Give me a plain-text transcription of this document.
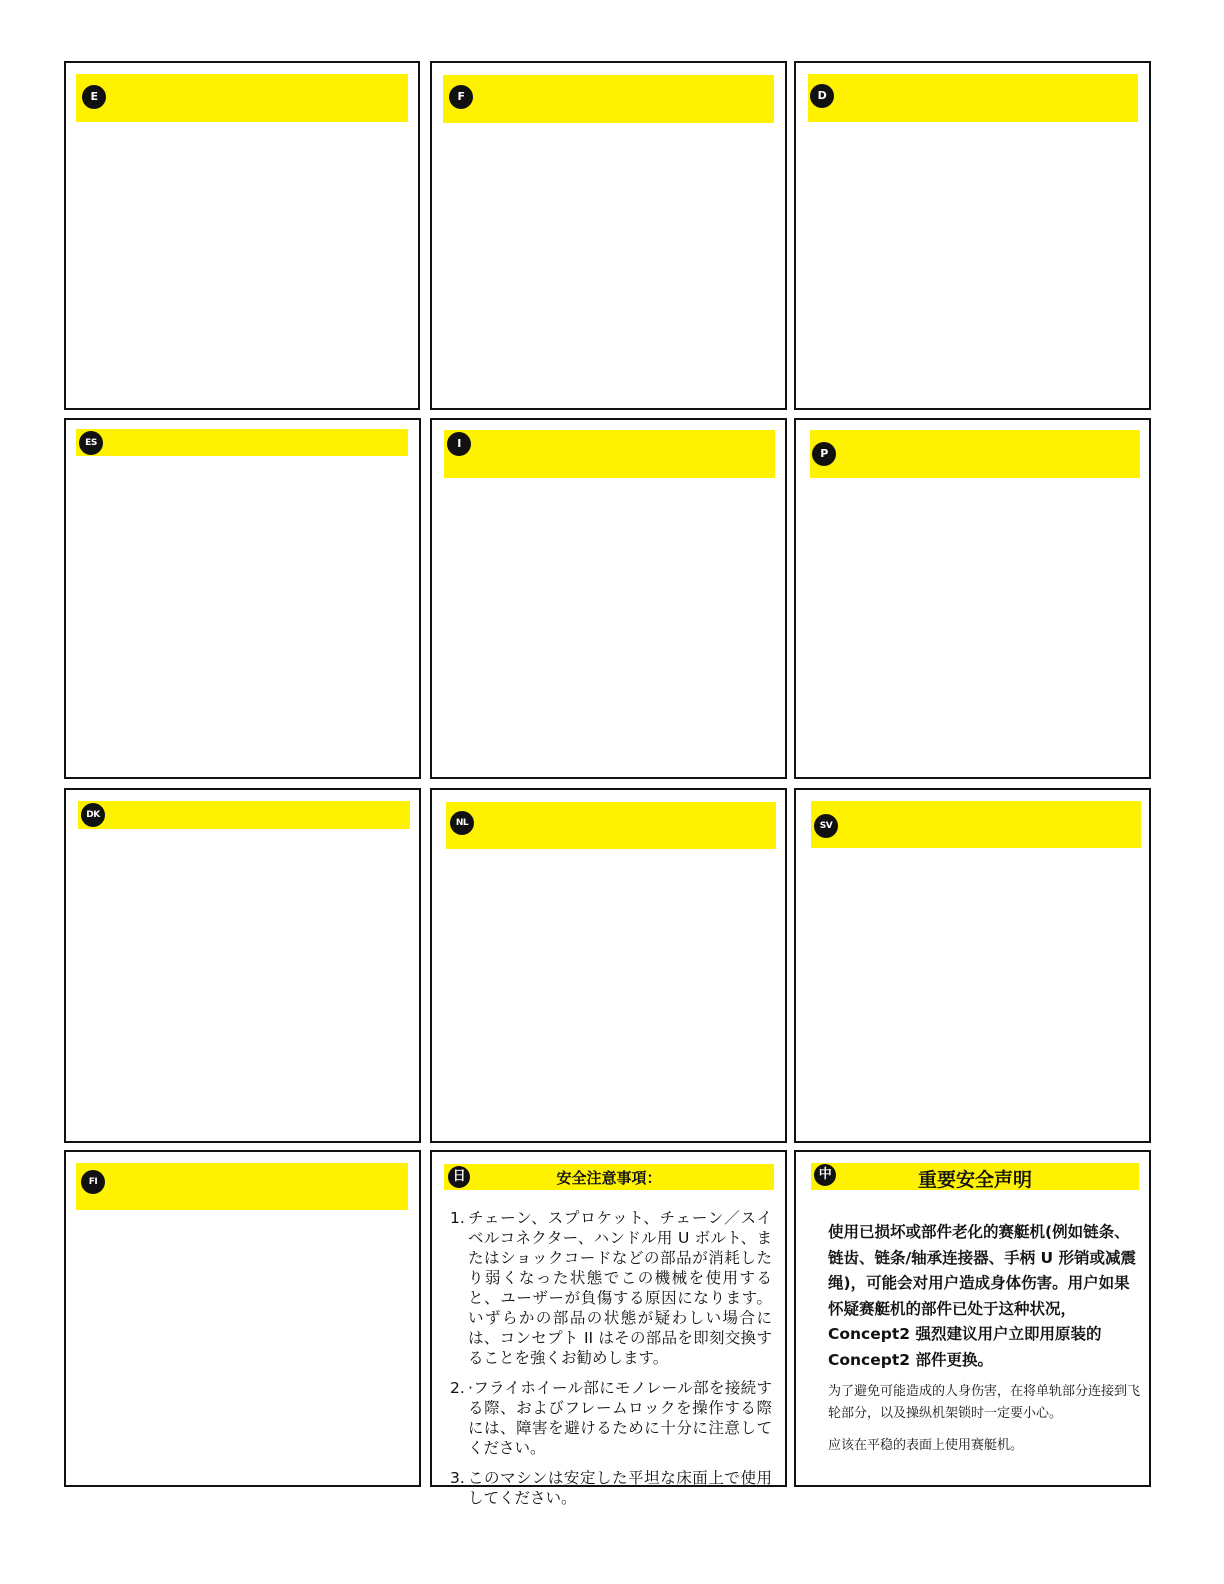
E	F	D
ES	I
P
DK
NL	SV
FI	日	安全注意事項：
1. チェーン、スプロケット、チェーン／スイベルコネクター、ハンドル用 U ボルト、またはショックコードなどの部品が消耗したり弱くなった状態でこの機械を使用すると、ユーザーが負傷する原因になります。いずらかの部品の状態が疑わしい場合には、コンセプト II はその部品を即刻交換することを強くお勧めします。
2. ·フライホイール部にモノレール部を接続する際、およびフレームロックを操作する際には、障害を避けるために十分に注意してください。
3. このマシンは安定した平坦な床面上で使用してください。
中	重要安全声明

使用已损坏或部件老化的赛艇机(例如链条、链齿、链条/轴承连接器、手柄 U 形销或减震绳)，可能会对用户造成身体伤害。用户如果怀疑赛艇机的部件已处于这种状况，Concept2 强烈建议用户立即用原装的 Concept2 部件更换。

为了避免可能造成的人身伤害，在将单轨部分连接到飞轮部分，以及操纵机架锁时一定要小心。

应该在平稳的表面上使用赛艇机。
